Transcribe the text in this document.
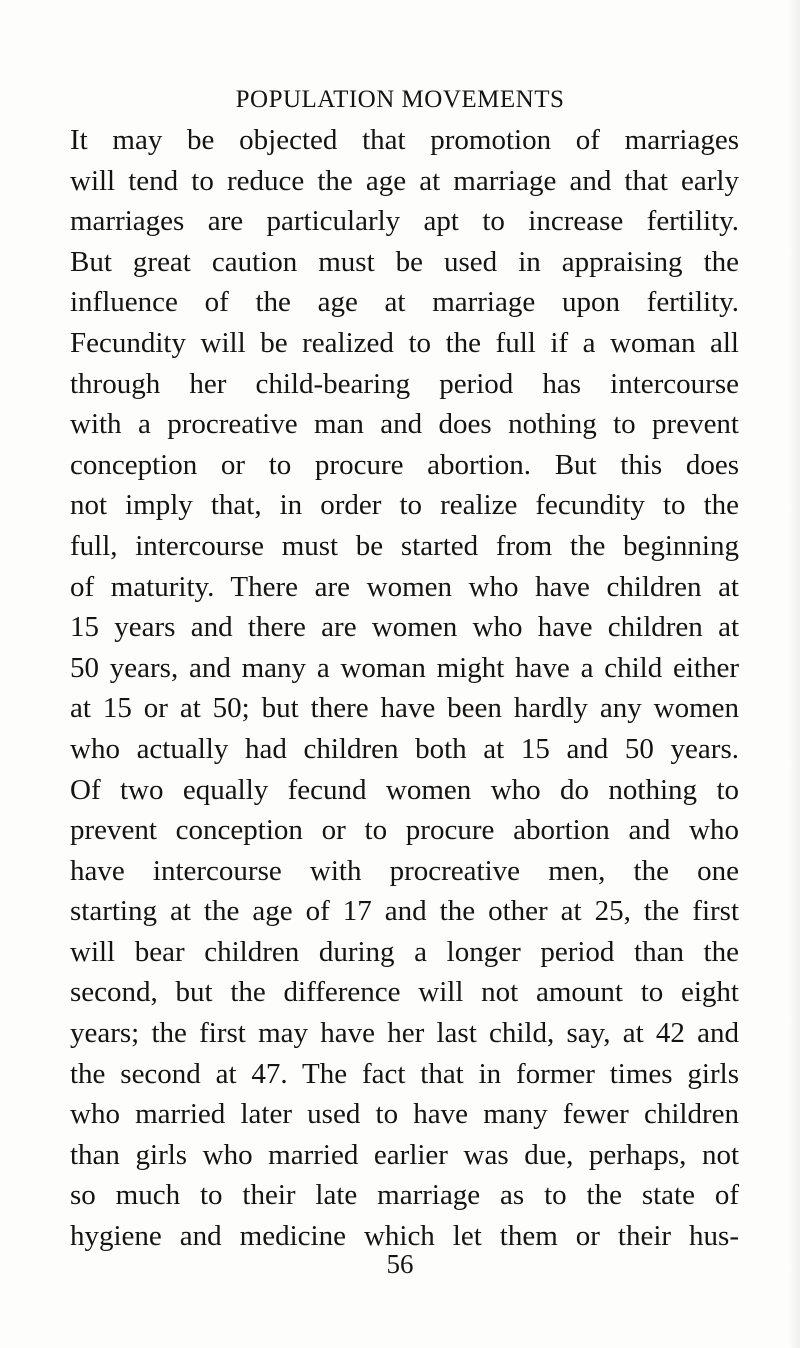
POPULATION MOVEMENTS
It may be objected that promotion of marriages
will tend to reduce the age at marriage and that early
marriages are particularly apt to increase fertility.
But great caution must be used in appraising the
influence of the age at marriage upon fertility.
Fecundity will be realized to the full if a woman all
through her child-bearing period has intercourse
with a procreative man and does nothing to prevent
conception or to procure abortion. But this does
not imply that, in order to realize fecundity to the
full, intercourse must be started from the beginning
of maturity. There are women who have children at
15 years and there are women who have children at
50 years, and many a woman might have a child either
at 15 or at 50; but there have been hardly any women
who actually had children both at 15 and 50 years.
Of two equally fecund women who do nothing to
prevent conception or to procure abortion and who
have intercourse with procreative men, the one
starting at the age of 17 and the other at 25, the first
will bear children during a longer period than the
second, but the difference will not amount to eight
years; the first may have her last child, say, at 42 and
the second at 47. The fact that in former times girls
who married later used to have many fewer children
than girls who married earlier was due, perhaps, not
so much to their late marriage as to the state of
hygiene and medicine which let them or their hus-
56
